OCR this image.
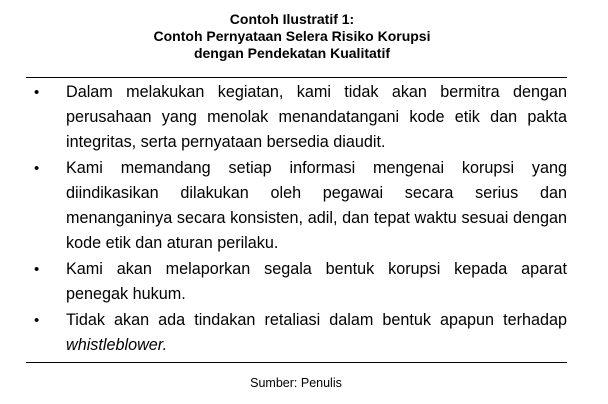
Contoh Ilustratif 1:
Contoh Pernyataan Selera Risiko Korupsi
dengan Pendekatan Kualitatif
• Dalam melakukan kegiatan, kami tidak akan bermitra dengan perusahaan yang menolak menandatangani kode etik dan pakta integritas, serta pernyataan bersedia diaudit.
• Kami memandang setiap informasi mengenai korupsi yang diindikasikan dilakukan oleh pegawai secara serius dan menanganinya secara konsisten, adil, dan tepat waktu sesuai dengan kode etik dan aturan perilaku.
• Kami akan melaporkan segala bentuk korupsi kepada aparat penegak hukum.
• Tidak akan ada tindakan retaliasi dalam bentuk apapun terhadap whistleblower.
Sumber: Penulis
